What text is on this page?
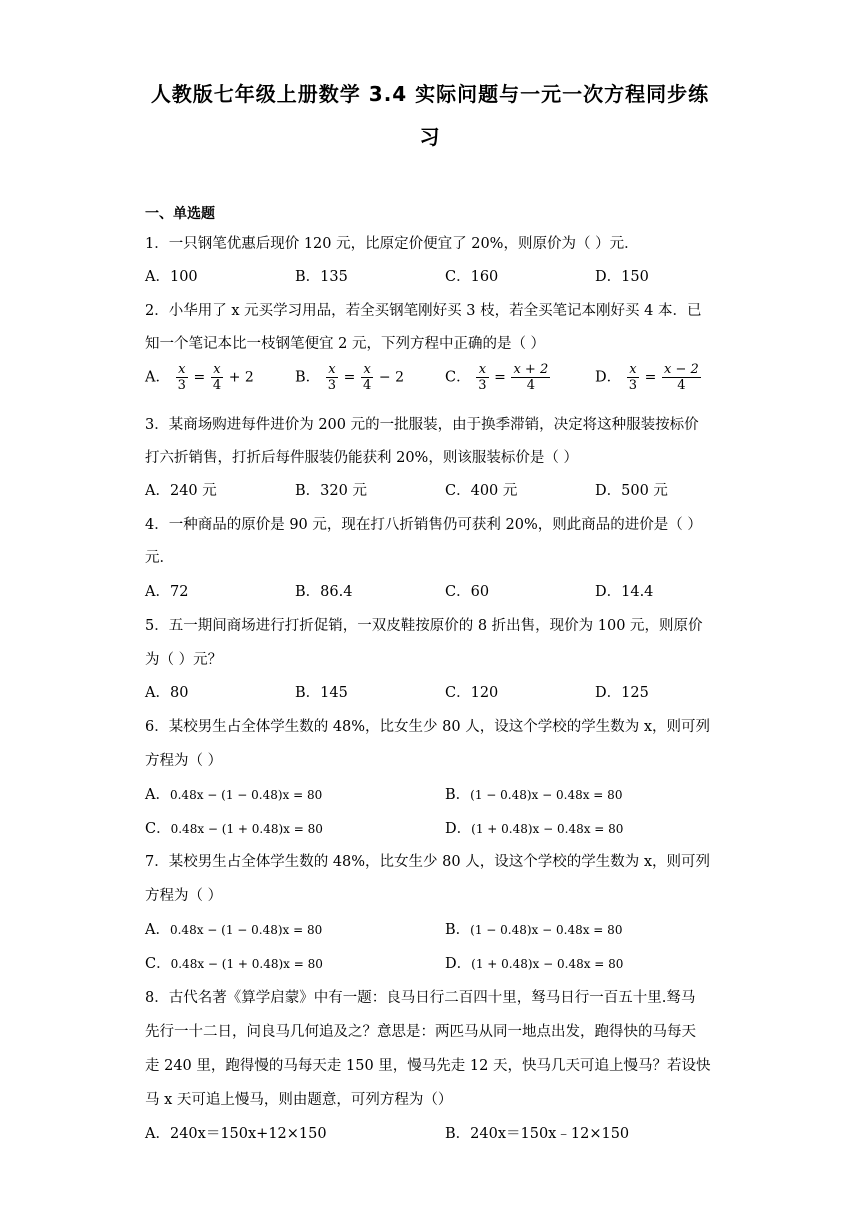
人教版七年级上册数学 3.4 实际问题与一元一次方程同步练
习
一、单选题
1．一只钢笔优惠后现价 120 元，比原定价便宜了 20%，则原价为（ ）元．
A．100	B．135	C．160	D．150
2．小华用了 x 元买学习用品，若全买钢笔刚好买 3 枝，若全买笔记本刚好买 4 本．已
知一个笔记本比一枝钢笔便宜 2 元，下列方程中正确的是（ ）
A． $\frac{x}{3} = \frac{x}{4} + 2$	B． $\frac{x}{3} = \frac{x}{4} - 2$	C． $\frac{x}{3} = \frac{x + 2}{4}$	D． $\frac{x}{3} = \frac{x - 2}{4}$
3．某商场购进每件进价为 200 元的一批服装，由于换季滞销，决定将这种服装按标价
打六折销售，打折后每件服装仍能获利 20%，则该服装标价是（ ）
A．240 元	B．320 元	C．400 元	D．500 元
4．一种商品的原价是 90 元，现在打八折销售仍可获利 20%，则此商品的进价是（ ）
元．
A．72	B．86.4	C．60	D．14.4
5．五一期间商场进行打折促销，一双皮鞋按原价的 8 折出售，现价为 100 元，则原价
为（ ）元？
A．80	B．145	C．120	D．125
6．某校男生占全体学生数的 48%，比女生少 80 人，设这个学校的学生数为 x，则可列
方程为（ ）
A．0.48x − (1 − 0.48)x = 80	B．(1 − 0.48)x − 0.48x = 80
C．0.48x − (1 + 0.48)x = 80	D．(1 + 0.48)x − 0.48x = 80
7．某校男生占全体学生数的 48%，比女生少 80 人，设这个学校的学生数为 x，则可列
方程为（ ）
A．0.48x − (1 − 0.48)x = 80	B．(1 − 0.48)x − 0.48x = 80
C．0.48x − (1 + 0.48)x = 80	D．(1 + 0.48)x − 0.48x = 80
8．古代名著《算学启蒙》中有一题：良马日行二百四十里，驽马日行一百五十里.驽马
先行一十二日，问良马几何追及之？意思是：两匹马从同一地点出发，跑得快的马每天
走 240 里，跑得慢的马每天走 150 里，慢马先走 12 天，快马几天可追上慢马？若设快
马 x 天可追上慢马，则由题意，可列方程为（）
A．240x＝150x+12×150	B．240x＝150x﹣12×150
